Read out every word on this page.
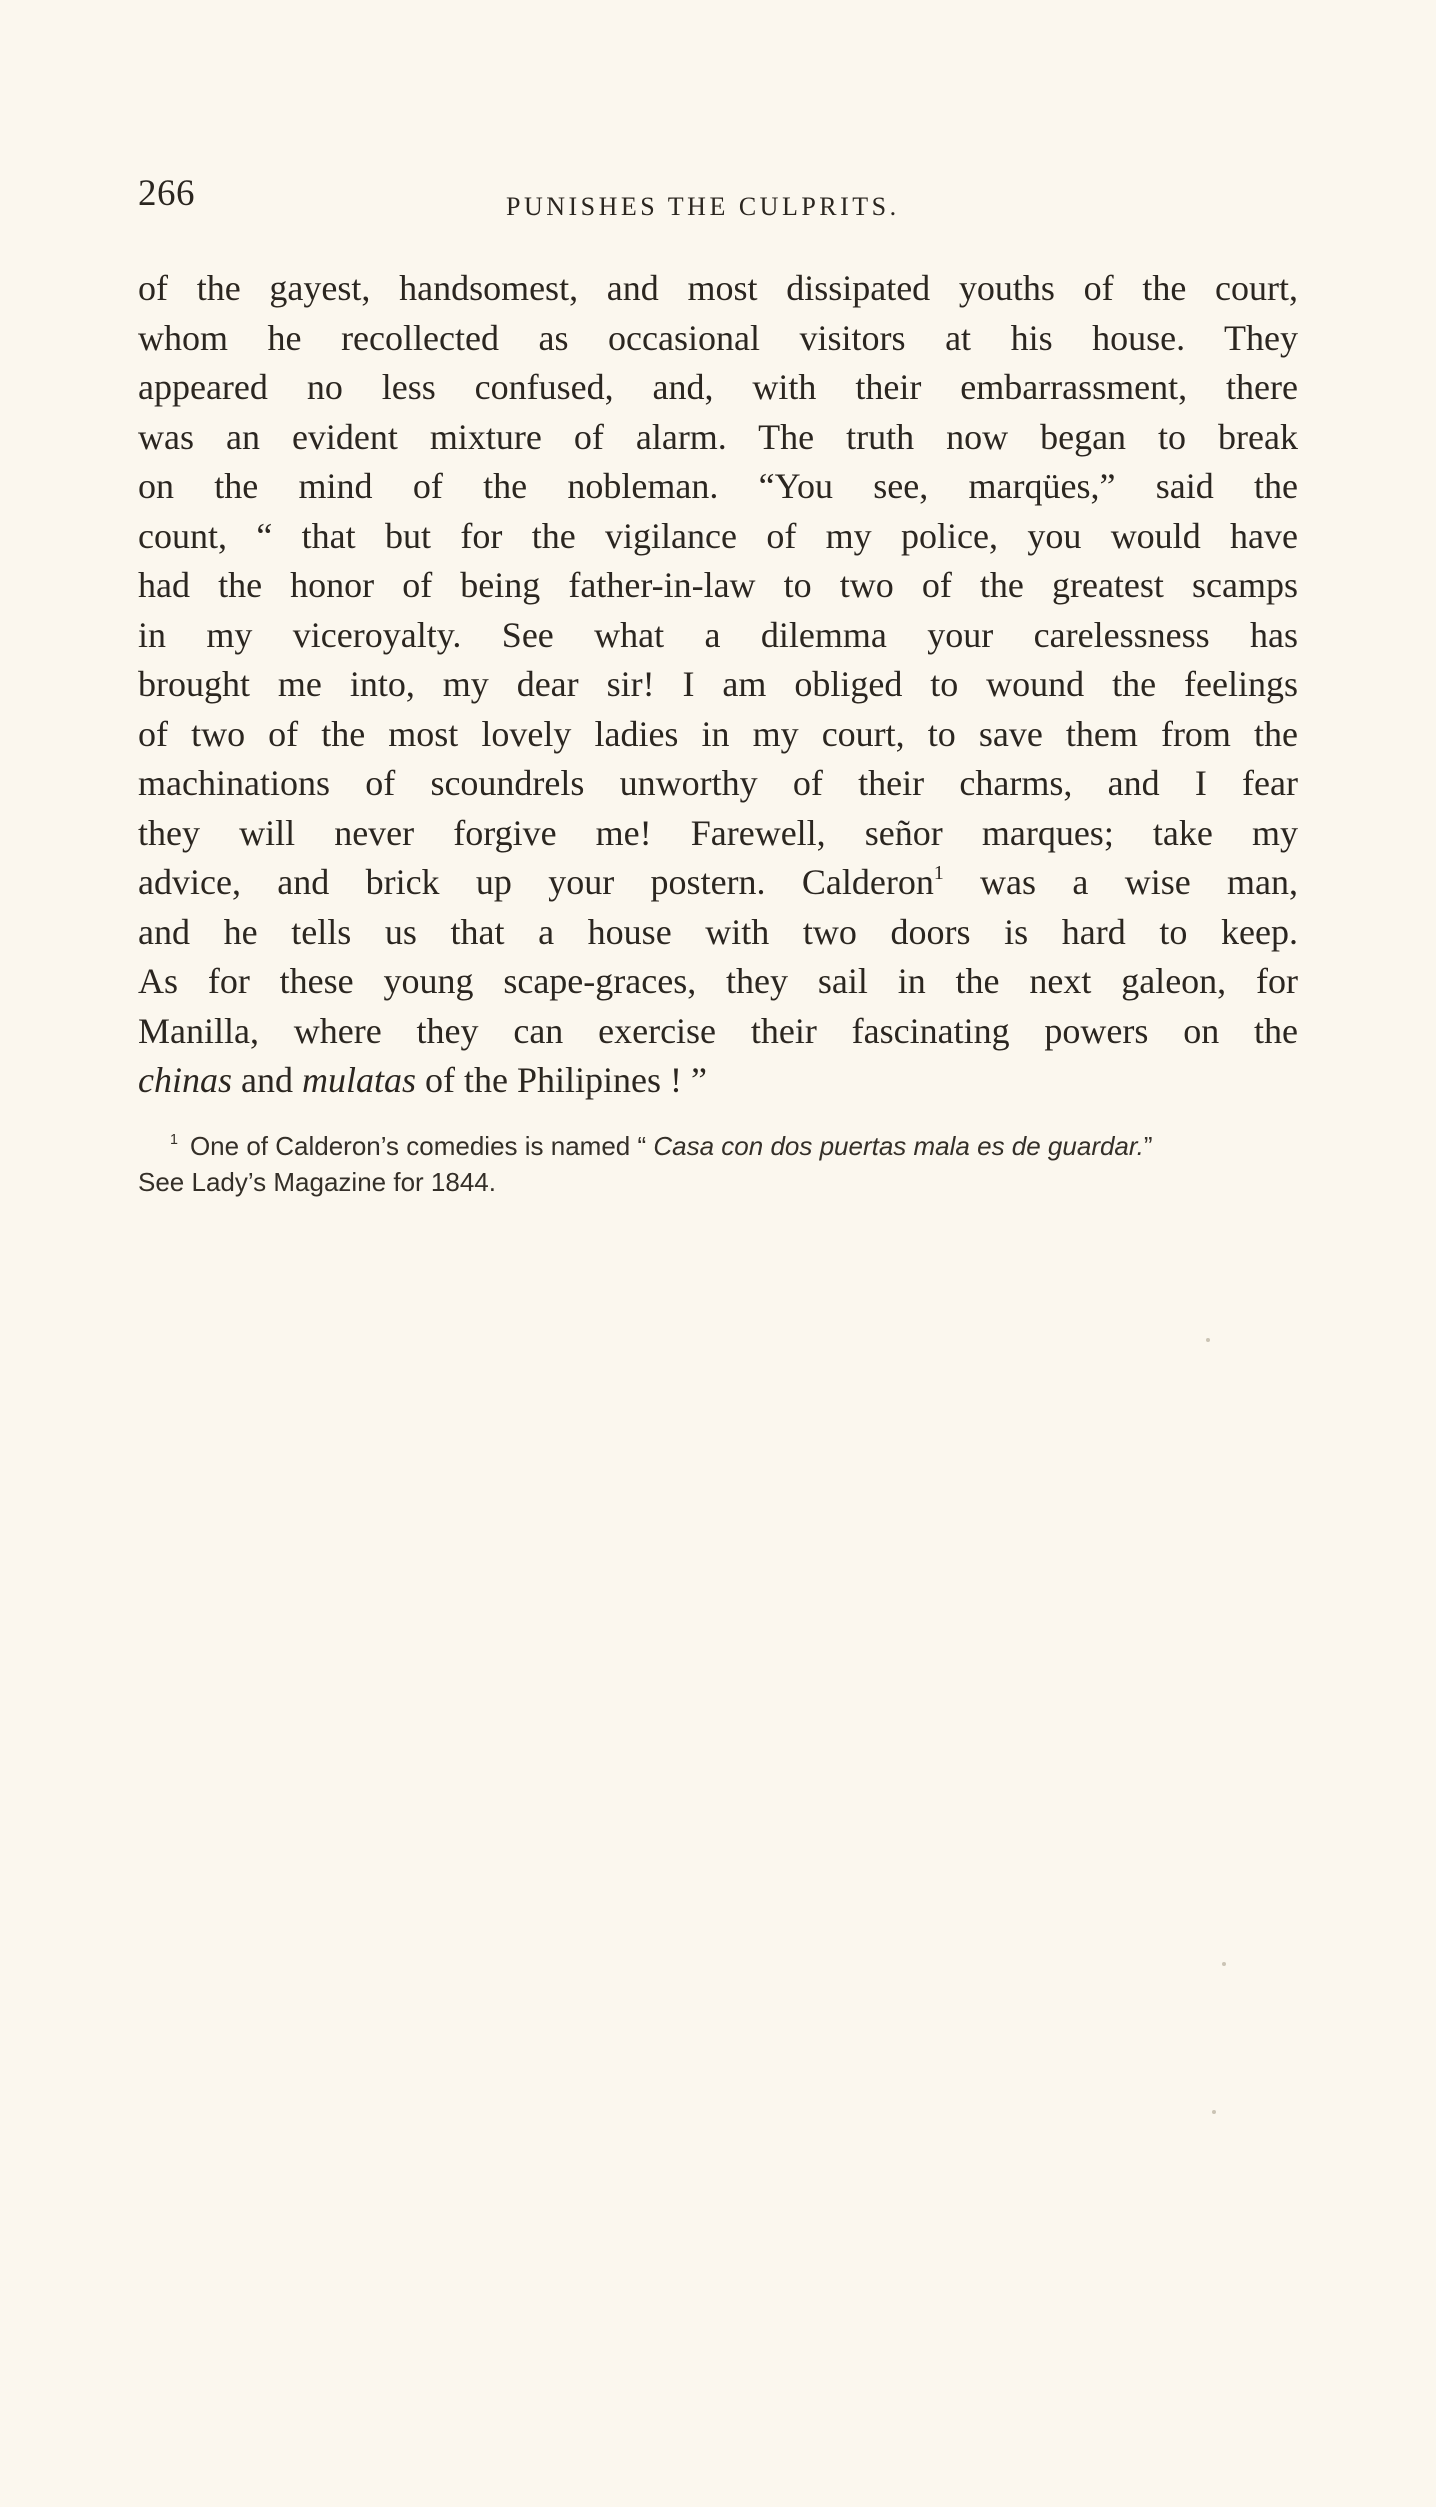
266	PUNISHES THE CULPRITS.
of the gayest, handsomest, and most dissipated youths of the court,
whom he recollected as occasional visitors at his house. They
appeared no less confused, and, with their embarrassment, there
was an evident mixture of alarm. The truth now began to break
on the mind of the nobleman. “You see, marqües,” said the
count, “ that but for the vigilance of my police, you would have
had the honor of being father-in-law to two of the greatest scamps
in my viceroyalty. See what a dilemma your carelessness has
brought me into, my dear sir! I am obliged to wound the feelings
of two of the most lovely ladies in my court, to save them from the
machinations of scoundrels unworthy of their charms, and I fear
they will never forgive me! Farewell, señor marques; take my
advice, and brick up your postern. Calderon$^1$ was a wise man,
and he tells us that a house with two doors is hard to keep.
As for these young scape-graces, they sail in the next galeon, for
Manilla, where they can exercise their fascinating powers on the
chinas and mulatas of the Philipines ! ”
$^1$ One of Calderon’s comedies is named “ Casa con dos puertas mala es de guardar.”
See Lady’s Magazine for 1844.
